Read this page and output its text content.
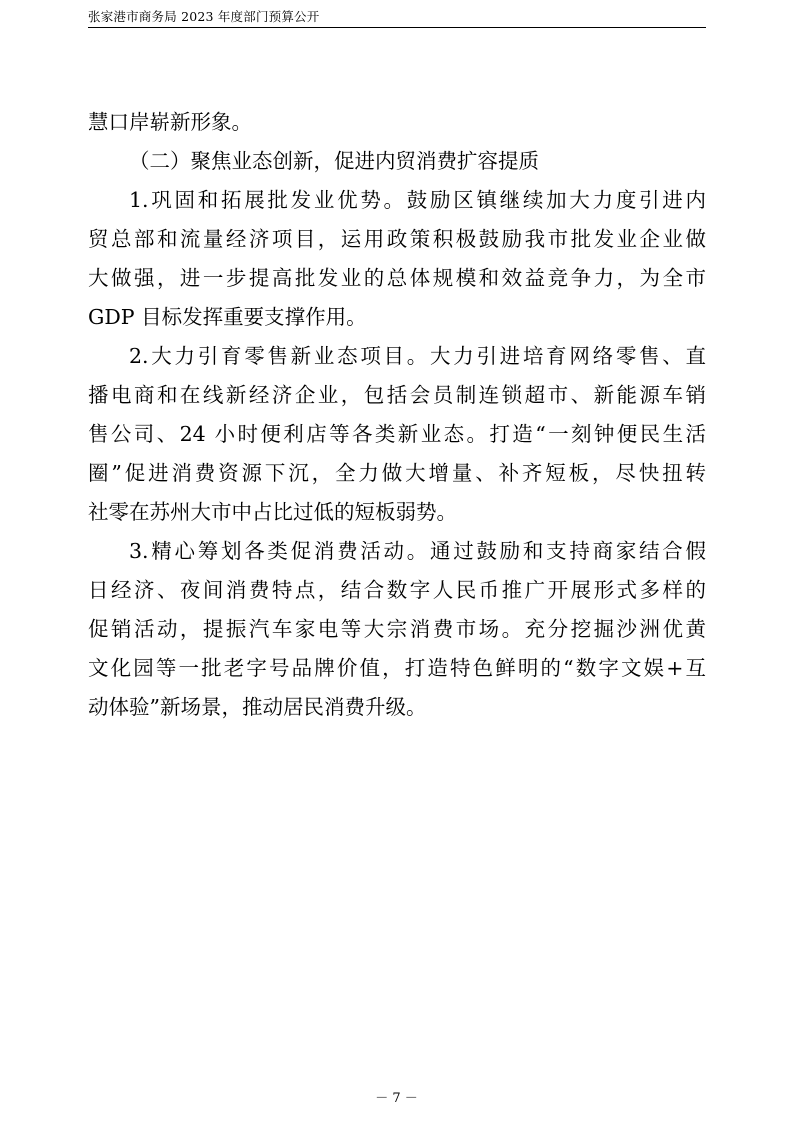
张家港市商务局 2023 年度部门预算公开
慧口岸崭新形象。
（二）聚焦业态创新，促进内贸消费扩容提质
1.巩固和拓展批发业优势。鼓励区镇继续加大力度引进内
贸总部和流量经济项目，运用政策积极鼓励我市批发业企业做
大做强，进一步提高批发业的总体规模和效益竞争力，为全市
GDP 目标发挥重要支撑作用。
2.大力引育零售新业态项目。大力引进培育网络零售、直
播电商和在线新经济企业，包括会员制连锁超市、新能源车销
售公司、24 小时便利店等各类新业态。打造“一刻钟便民生活
圈”促进消费资源下沉，全力做大增量、补齐短板，尽快扭转
社零在苏州大市中占比过低的短板弱势。
3.精心筹划各类促消费活动。通过鼓励和支持商家结合假
日经济、夜间消费特点，结合数字人民币推广开展形式多样的
促销活动，提振汽车家电等大宗消费市场。充分挖掘沙洲优黄
文化园等一批老字号品牌价值，打造特色鲜明的“数字文娱+互
动体验”新场景，推动居民消费升级。
－ 7 －
